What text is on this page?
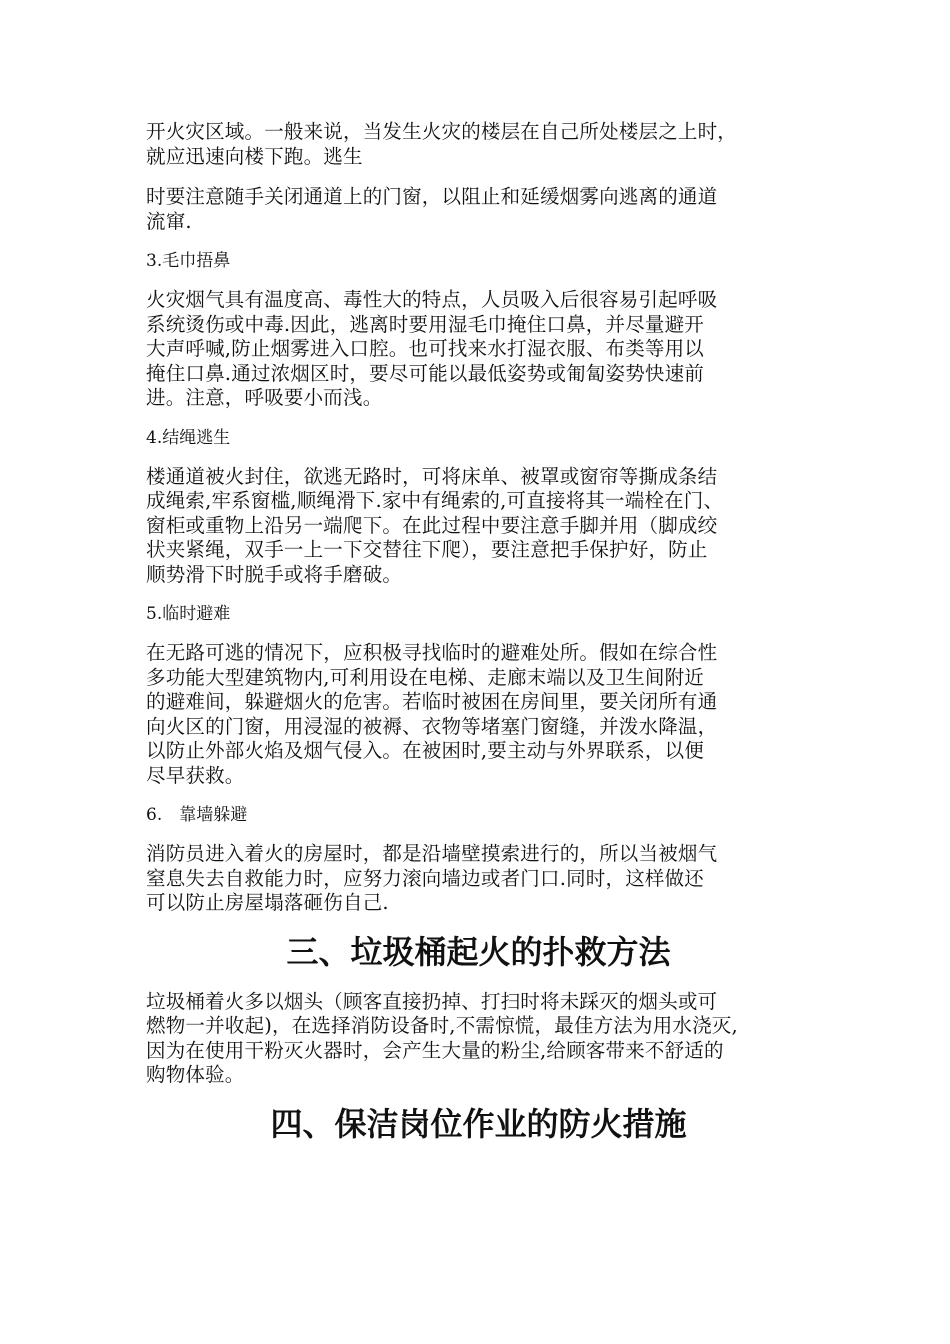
开火灾区域。一般来说，当发生火灾的楼层在自己所处楼层之上时，
就应迅速向楼下跑。逃生

时要注意随手关闭通道上的门窗，以阻止和延缓烟雾向逃离的通道
流窜.

3.毛巾捂鼻

火灾烟气具有温度高、毒性大的特点，人员吸入后很容易引起呼吸
系统烫伤或中毒.因此，逃离时要用湿毛巾掩住口鼻，并尽量避开
大声呼喊,防止烟雾进入口腔。也可找来水打湿衣服、布类等用以
掩住口鼻.通过浓烟区时，要尽可能以最低姿势或匍匐姿势快速前
进。注意，呼吸要小而浅。

4.结绳逃生

楼通道被火封住，欲逃无路时，可将床单、被罩或窗帘等撕成条结
成绳索,牢系窗槛,顺绳滑下.家中有绳索的,可直接将其一端栓在门、
窗柜或重物上沿另一端爬下。在此过程中要注意手脚并用（脚成绞
状夹紧绳，双手一上一下交替往下爬），要注意把手保护好，防止
顺势滑下时脱手或将手磨破。

5.临时避难

在无路可逃的情况下，应积极寻找临时的避难处所。假如在综合性
多功能大型建筑物内,可利用设在电梯、走廊末端以及卫生间附近
的避难间，躲避烟火的危害。若临时被困在房间里，要关闭所有通
向火区的门窗，用浸湿的被褥、衣物等堵塞门窗缝，并泼水降温，
以防止外部火焰及烟气侵入。在被困时,要主动与外界联系，以便
尽早获救。

6.　靠墙躲避

消防员进入着火的房屋时，都是沿墙壁摸索进行的，所以当被烟气
窒息失去自救能力时，应努力滚向墙边或者门口.同时，这样做还
可以防止房屋塌落砸伤自己.

三、垃圾桶起火的扑救方法

垃圾桶着火多以烟头（顾客直接扔掉、打扫时将未踩灭的烟头或可
燃物一并收起)，在选择消防设备时,不需惊慌，最佳方法为用水浇灭,
因为在使用干粉灭火器时，会产生大量的粉尘,给顾客带来不舒适的
购物体验。

四、保洁岗位作业的防火措施
